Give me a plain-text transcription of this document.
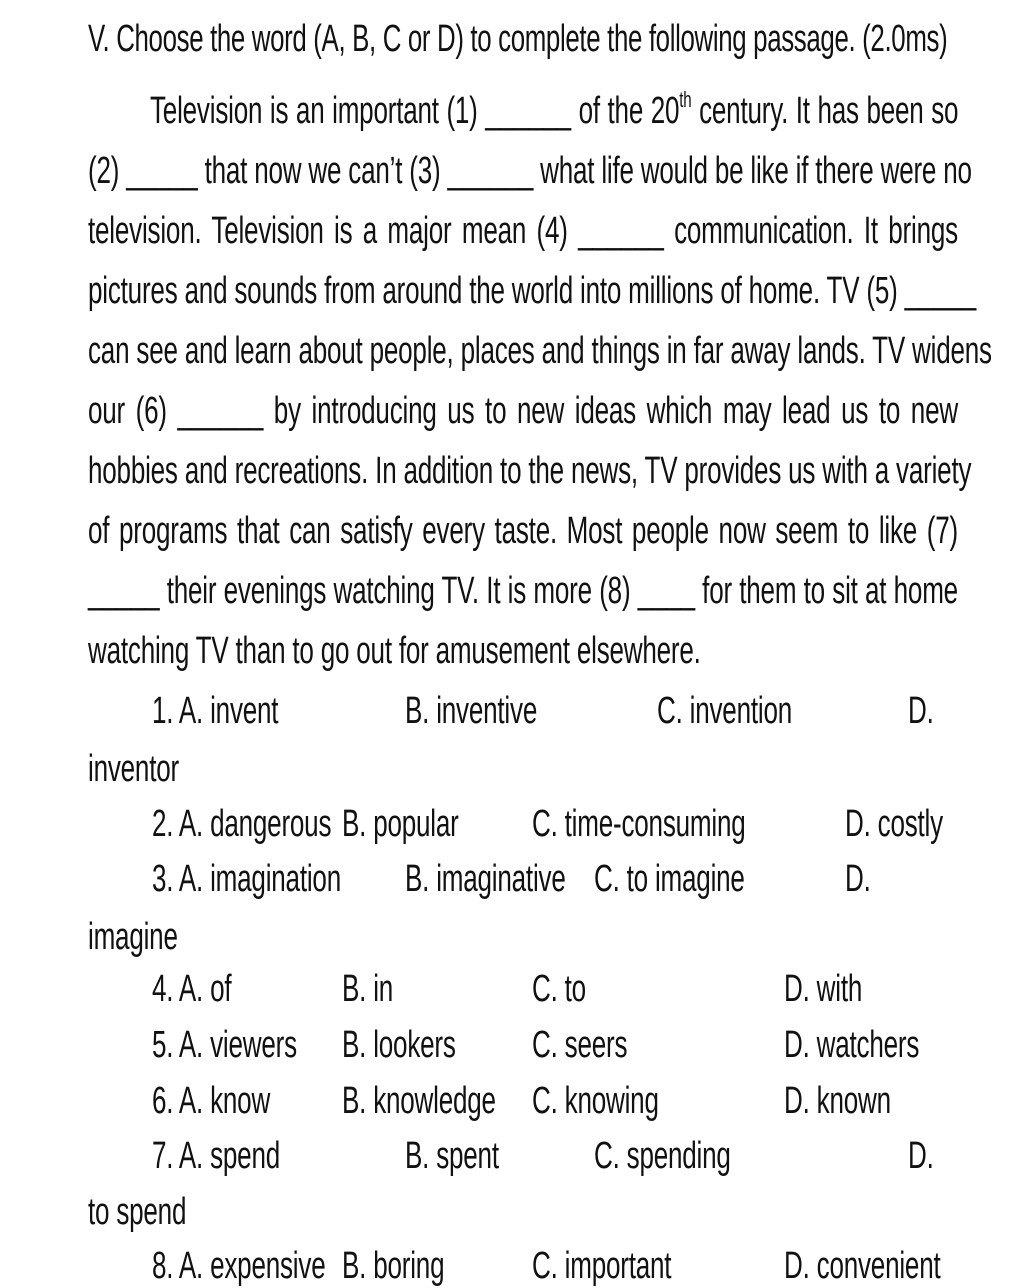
V. Choose the word (A, B, C or D) to complete the following passage. (2.0ms)
Television is an important (1) ______ of the 20th century. It has been so
(2) _____ that now we can’t (3) ______ what life would be like if there were no
television. Television is a major mean (4) ______ communication. It brings
pictures and sounds from around the world into millions of home. TV (5) _____
can see and learn about people, places and things in far away lands. TV widens
our (6) ______ by introducing us to new ideas which may lead us to new
hobbies and recreations. In addition to the news, TV provides us with a variety
of programs that can satisfy every taste. Most people now seem to like (7)
_____ their evenings watching TV. It is more (8) ____ for them to sit at home
watching TV than to go out for amusement elsewhere.
1. A. invent	B. inventive	C. invention	D.
inventor
2. A. dangerous B. popular C. time-consuming	D. costly
3. A. imagination B. imaginative C. to imagine	D.
imagine
4. A. of	B. in	C. to	D. with
5. A. viewers B. lookers C. seers	D. watchers
6. A. know B. knowledge C. knowing	D. known
7. A. spend	B. spent	C. spending	D.
to spend
8. A. expensive B. boring C. important	D. convenient
